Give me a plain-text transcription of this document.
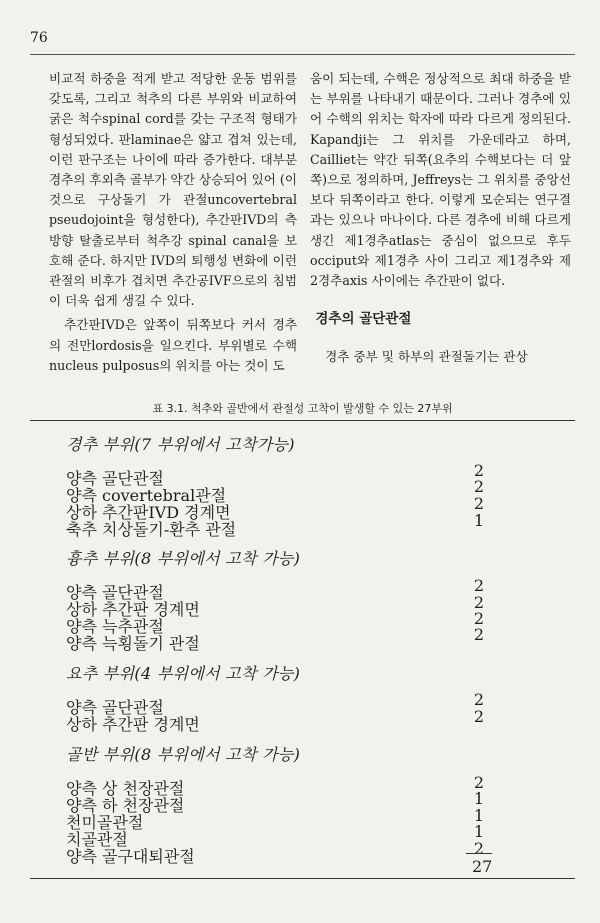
76

비교적 하중을 적게 받고 적당한 운동 범위를 갖도록, 그리고 척추의 다른 부위와 비교하여 굵은 척수spinal cord를 갖는 구조적 형태가 형성되었다. 판laminae은 얇고 겹쳐 있는데, 이런 판구조는 나이에 따라 증가한다. 대부분 경추의 후외측 골부가 약간 상승되어 있어 (이것으로 구상돌기 가 관절uncovertebral pseudojoint을 형성한다), 추간판IVD의 측방향 탈출로부터 척추강 spinal canal을 보호해 준다. 하지만 IVD의 퇴행성 변화에 이런 관절의 비후가 겹치면 추간공IVF으로의 침범이 더욱 쉽게 생길 수 있다.

추간판IVD은 앞쪽이 뒤쪽보다 커서 경추의 전만lordosis을 일으킨다. 부위별로 수핵nucleus pulposus의 위치를 아는 것이 도

움이 되는데, 수핵은 정상적으로 최대 하중을 받는 부위를 나타내기 때문이다. 그러나 경추에 있어 수핵의 위치는 학자에 따라 다르게 정의된다. Kapandji는 그 위치를 가운데라고 하며, Cailliet는 약간 뒤쪽(요추의 수핵보다는 더 앞쪽)으로 정의하며, Jeffreys는 그 위치를 중앙선보다 뒤쪽이라고 한다. 이렇게 모순되는 연구결과는 있으나 마나이다. 다른 경추에 비해 다르게 생긴 제1경추atlas는 중심이 없으므로 후두 occiput와 제1경추 사이 그리고 제1경추와 제2경추axis 사이에는 추간판이 없다.

경추의 골단관절

경추 중부 및 하부의 관절돌기는 관상

표 3.1. 척추와 골반에서 관절성 고착이 발생할 수 있는 27부위
경추 부위(7 부위에서 고착가능)
양측 골단관절	2
양측 covertebral관절	2
상하 추간판IVD 경계면	2
축추 치상돌기-환추 관절	1
흉추 부위(8 부위에서 고착 가능)
양측 골단관절	2
상하 추간판 경계면	2
양측 늑추관절	2
양측 늑횡돌기 관절	2
요추 부위(4 부위에서 고착 가능)
양측 골단관절	2
상하 추간판 경계면	2
골반 부위(8 부위에서 고착 가능)
양측 상 천장관절	2
양측 하 천장관절	1
천미골관절	1
치골관절	1
양측 골구대퇴관절	2
27
